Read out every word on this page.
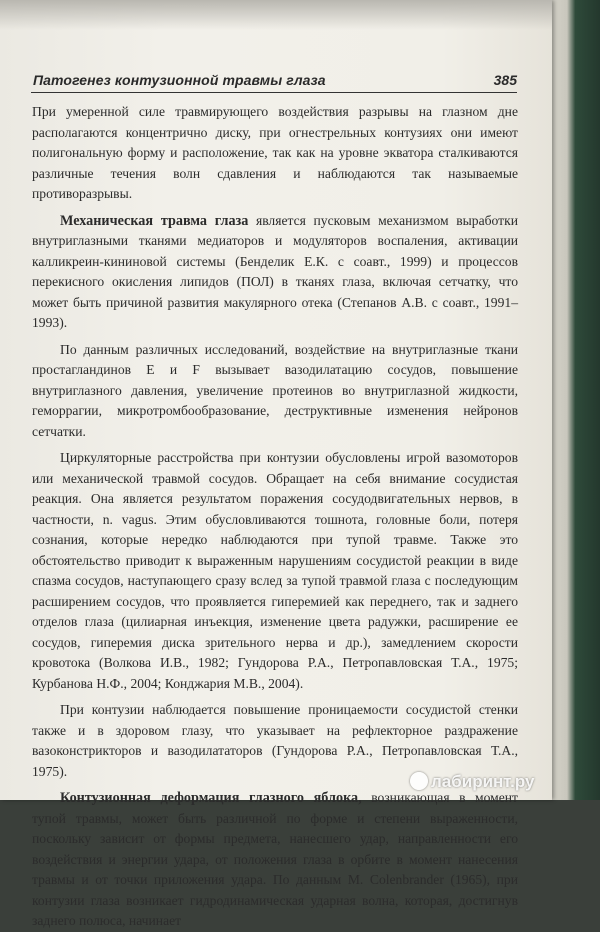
Патогенез контузионной травмы глаза	385

При умеренной силе травмирующего воздействия разрывы на глазном дне располагаются концентрично диску, при огнестрельных контузиях они имеют полигональную форму и расположение, так как на уровне экватора сталкиваются различные течения волн сдавления и наблюдаются так называемые противоразрывы.

Механическая травма глаза является пусковым механизмом выработки внутриглазными тканями медиаторов и модуляторов воспаления, активации калликреин-кининовой системы (Бенделик Е.К. с соавт., 1999) и процессов перекисного окисления липидов (ПОЛ) в тканях глаза, включая сетчатку, что может быть причиной развития макулярного отека (Степанов А.В. с соавт., 1991–1993).

По данным различных исследований, воздействие на внутриглазные ткани простагландинов Е и F вызывает вазодилатацию сосудов, повышение внутриглазного давления, увеличение протеинов во внутриглазной жидкости, геморрагии, микротромбообразование, деструктивные изменения нейронов сетчатки.

Циркуляторные расстройства при контузии обусловлены игрой вазомоторов или механической травмой сосудов. Обращает на себя внимание сосудистая реакция. Она является результатом поражения сосудодвигательных нервов, в частности, n. vagus. Этим обусловливаются тошнота, головные боли, потеря сознания, которые нередко наблюдаются при тупой травме. Также это обстоятельство приводит к выраженным нарушениям сосудистой реакции в виде спазма сосудов, наступающего сразу вслед за тупой травмой глаза с последующим расширением сосудов, что проявляется гиперемией как переднего, так и заднего отделов глаза (цилиарная инъекция, изменение цвета радужки, расширение ее сосудов, гиперемия диска зрительного нерва и др.), замедлением скорости кровотока (Волкова И.В., 1982; Гундорова Р.А., Петропавловская Т.А., 1975; Курбанова Н.Ф., 2004; Конджария М.В., 2004).

При контузии наблюдается повышение проницаемости сосудистой стенки также и в здоровом глазу, что указывает на рефлекторное раздражение вазоконстрикторов и вазодилататоров (Гундорова Р.А., Петропавловская Т.А., 1975).

Контузионная деформация глазного яблока, возникающая в момент тупой травмы, может быть различной по форме и степени выраженности, поскольку зависит от формы предмета, нанесшего удар, направленности его воздействия и энергии удара, от положения глаза в орбите в момент нанесения травмы и от точки приложения удара. По данным M. Colenbrander (1965), при контузии глаза возникает гидродинамическая ударная волна, которая, достигнув заднего полюса, начинает

лабиринт.ру
